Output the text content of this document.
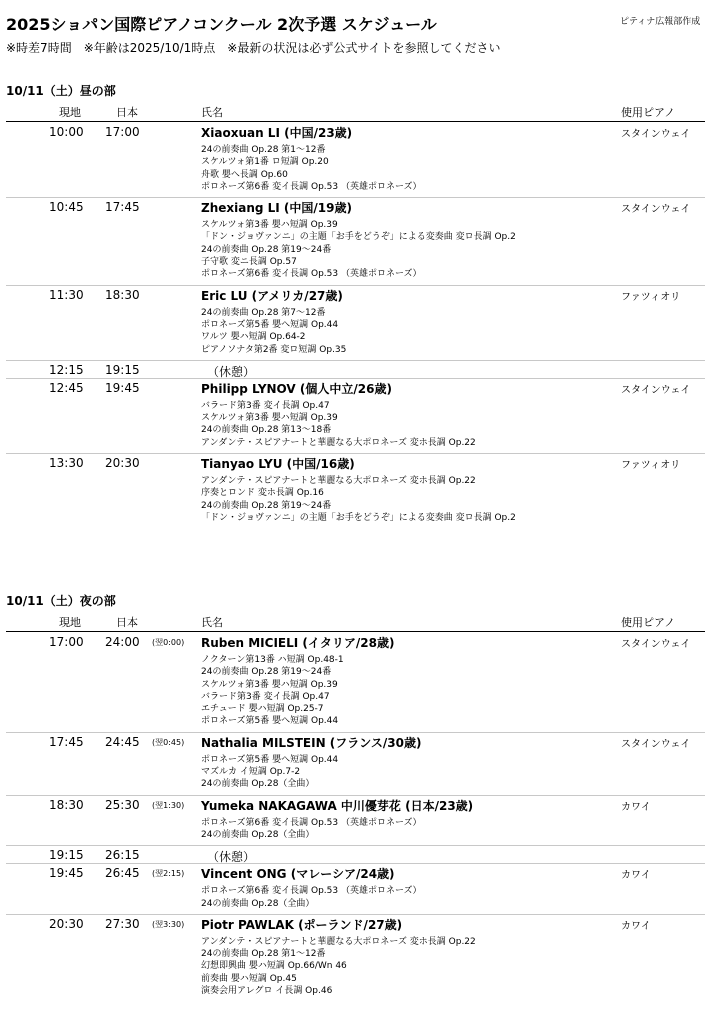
2025ショパン国際ピアノコンクール 2次予選 スケジュール	ピティナ広報部作成
※時差7時間　※年齢は2025/10/1時点　※最新の状況は必ず公式サイトを参照してください
10/11（土）昼の部
現地	日本	氏名	使用ピアノ
10:00 17:00	Xiaoxuan LI (中国/23歳)	スタインウェイ
24の前奏曲 Op.28 第1〜12番
スケルツォ第1番 ロ短調 Op.20
舟歌 嬰へ長調 Op.60
ポロネーズ第6番 変イ長調 Op.53 （英雄ポロネーズ）
10:45 17:45	Zhexiang LI (中国/19歳)	スタインウェイ
スケルツォ第3番 嬰ハ短調 Op.39
「ドン・ジョヴァンニ」の主題「お手をどうぞ」による変奏曲 変ロ長調 Op.2
24の前奏曲 Op.28 第19〜24番
子守歌 変ニ長調 Op.57
ポロネーズ第6番 変イ長調 Op.53 （英雄ポロネーズ）
11:30 18:30	Eric LU (アメリカ/27歳)	ファツィオリ
24の前奏曲 Op.28 第7〜12番
ポロネーズ第5番 嬰へ短調 Op.44
ワルツ 嬰ハ短調 Op.64-2
ピアノソナタ第2番 変ロ短調 Op.35
12:15 19:15	（休憩）
12:45 19:45	Philipp LYNOV (個人中立/26歳)	スタインウェイ
バラード第3番 変イ長調 Op.47
スケルツォ第3番 嬰ハ短調 Op.39
24の前奏曲 Op.28 第13〜18番
アンダンテ・スピアナートと華麗なる大ポロネーズ 変ホ長調 Op.22
13:30 20:30	Tianyao LYU (中国/16歳)	ファツィオリ
アンダンテ・スピアナートと華麗なる大ポロネーズ 変ホ長調 Op.22
序奏とロンド 変ホ長調 Op.16
24の前奏曲 Op.28 第19〜24番
「ドン・ジョヴァンニ」の主題「お手をどうぞ」による変奏曲 変ロ長調 Op.2
10/11（土）夜の部
現地	日本	氏名	使用ピアノ
17:00 24:00 (翌0:00) Ruben MICIELI (イタリア/28歳)	スタインウェイ
ノクターン第13番 ハ短調 Op.48-1
24の前奏曲 Op.28 第19〜24番
スケルツォ第3番 嬰ハ短調 Op.39
バラード第3番 変イ長調 Op.47
エチュード 嬰ハ短調 Op.25-7
ポロネーズ第5番 嬰へ短調 Op.44
17:45 24:45 (翌0:45) Nathalia MILSTEIN (フランス/30歳)	スタインウェイ
ポロネーズ第5番 嬰へ短調 Op.44
マズルカ イ短調 Op.7-2
24の前奏曲 Op.28（全曲）
18:30 25:30 (翌1:30) Yumeka NAKAGAWA 中川優芽花 (日本/23歳)	カワイ
ポロネーズ第6番 変イ長調 Op.53 （英雄ポロネーズ）
24の前奏曲 Op.28（全曲）
19:15 26:15	（休憩）
19:45 26:45 (翌2:15) Vincent ONG (マレーシア/24歳)	カワイ
ポロネーズ第6番 変イ長調 Op.53 （英雄ポロネーズ）
24の前奏曲 Op.28（全曲）
20:30 27:30 (翌3:30) Piotr PAWLAK (ポーランド/27歳)	カワイ
アンダンテ・スピアナートと華麗なる大ポロネーズ 変ホ長調 Op.22
24の前奏曲 Op.28 第1〜12番
幻想即興曲 嬰ハ短調 Op.66/Wn 46
前奏曲 嬰ハ短調 Op.45
演奏会用アレグロ イ長調 Op.46
